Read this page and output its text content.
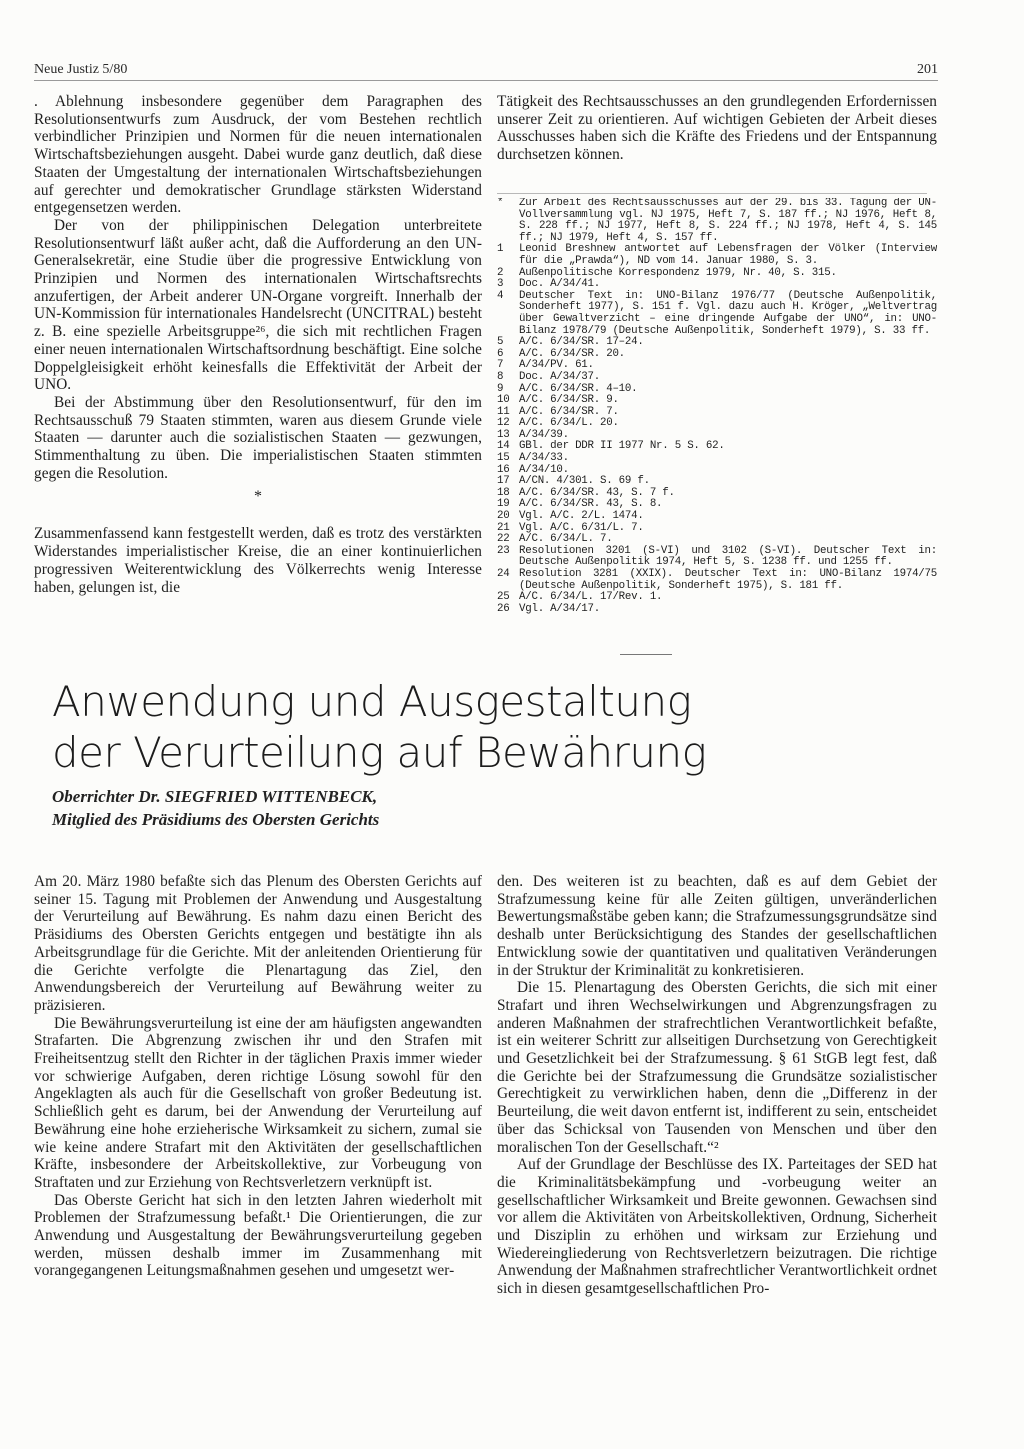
Neue Justiz 5/80	201

. Ablehnung insbesondere gegenüber dem Paragraphen des Resolutionsentwurfs zum Ausdruck, der vom Bestehen rechtlich verbindlicher Prinzipien und Normen für die neuen internationalen Wirtschaftsbeziehungen ausgeht. Dabei wurde ganz deutlich, daß diese Staaten der Umgestaltung der internationalen Wirtschaftsbeziehungen auf gerechter und demokratischer Grundlage stärksten Widerstand entgegensetzen werden.

Der von der philippinischen Delegation unterbreitete Resolutionsentwurf läßt außer acht, daß die Aufforderung an den UN-Generalsekretär, eine Studie über die progressive Entwicklung von Prinzipien und Normen des internationalen Wirtschaftsrechts anzufertigen, der Arbeit anderer UN-Organe vorgreift. Innerhalb der UN-Kommission für internationales Handelsrecht (UNCITRAL) besteht z. B. eine spezielle Arbeitsgruppe²⁶, die sich mit rechtlichen Fragen einer neuen internationalen Wirtschaftsordnung beschäftigt. Eine solche Doppelgleisigkeit erhöht keinesfalls die Effektivität der Arbeit der UNO.

Bei der Abstimmung über den Resolutionsentwurf, für den im Rechtsausschuß 79 Staaten stimmten, waren aus diesem Grunde viele Staaten — darunter auch die sozialistischen Staaten — gezwungen, Stimmenthaltung zu üben. Die imperialistischen Staaten stimmten gegen die Resolution.

*

Zusammenfassend kann festgestellt werden, daß es trotz des verstärkten Widerstandes imperialistischer Kreise, die an einer kontinuierlichen progressiven Weiterentwicklung des Völkerrechts wenig Interesse haben, gelungen ist, die

Tätigkeit des Rechtsausschusses an den grundlegenden Erfordernissen unserer Zeit zu orientieren. Auf wichtigen Gebieten der Arbeit dieses Ausschusses haben sich die Kräfte des Friedens und der Entspannung durchsetzen können.

*	Zur Arbeit des Rechtsausschusses auf der 29. bis 33. Tagung der UN-Vollversammlung vgl. NJ 1975, Heft 7, S. 187 ff.; NJ 1976, Heft 8, S. 228 ff.; NJ 1977, Heft 8, S. 224 ff.; NJ 1978, Heft 4, S. 145 ff.; NJ 1979, Heft 4, S. 157 ff.
1	Leonid Breshnew antwortet auf Lebensfragen der Völker (Interview für die „Prawda“), ND vom 14. Januar 1980, S. 3.
2	Außenpolitische Korrespondenz 1979, Nr. 40, S. 315.
3	Doc. A/34/41.
4	Deutscher Text in: UNO-Bilanz 1976/77 (Deutsche Außenpolitik, Sonderheft 1977), S. 151 f. Vgl. dazu auch H. Kröger, „Weltvertrag über Gewaltverzicht – eine dringende Aufgabe der UNO“, in: UNO-Bilanz 1978/79 (Deutsche Außenpolitik, Sonderheft 1979), S. 33 ff.
5	A/C. 6/34/SR. 17–24.
6	A/C. 6/34/SR. 20.
7	A/34/PV. 61.
8	Doc. A/34/37.
9	A/C. 6/34/SR. 4–10.
10 A/C. 6/34/SR. 9.
11 A/C. 6/34/SR. 7.
12 A/C. 6/34/L. 20.
13 A/34/39.
14 GBl. der DDR II 1977 Nr. 5 S. 62.
15 A/34/33.
16 A/34/10.
17 A/CN. 4/301. S. 69 f.
18 A/C. 6/34/SR. 43, S. 7 f.
19 A/C. 6/34/SR. 43, S. 8.
20 Vgl. A/C. 2/L. 1474.
21 Vgl. A/C. 6/31/L. 7.
22 A/C. 6/34/L. 7.
23 Resolutionen 3201 (S-VI) und 3102 (S-VI). Deutscher Text in: Deutsche Außenpolitik 1974, Heft 5, S. 1238 ff. und 1255 ff.
24 Resolution 3281 (XXIX). Deutscher Text in: UNO-Bilanz 1974/75 (Deutsche Außenpolitik, Sonderheft 1975), S. 181 ff.
25 A/C. 6/34/L. 17/Rev. 1.
26 Vgl. A/34/17.
Anwendung und Ausgestaltung
der Verurteilung auf Bewährung
Oberrichter Dr. SIEGFRIED WITTENBECK,
Mitglied des Präsidiums des Obersten Gerichts

Am 20. März 1980 befaßte sich das Plenum des Obersten Gerichts auf seiner 15. Tagung mit Problemen der Anwendung und Ausgestaltung der Verurteilung auf Bewährung. Es nahm dazu einen Bericht des Präsidiums des Obersten Gerichts entgegen und bestätigte ihn als Arbeitsgrundlage für die Gerichte. Mit der anleitenden Orientierung für die Gerichte verfolgte die Plenartagung das Ziel, den Anwendungsbereich der Verurteilung auf Bewährung weiter zu präzisieren.

Die Bewährungsverurteilung ist eine der am häufigsten angewandten Strafarten. Die Abgrenzung zwischen ihr und den Strafen mit Freiheitsentzug stellt den Richter in der täglichen Praxis immer wieder vor schwierige Aufgaben, deren richtige Lösung sowohl für den Angeklagten als auch für die Gesellschaft von großer Bedeutung ist. Schließlich geht es darum, bei der Anwendung der Verurteilung auf Bewährung eine hohe erzieherische Wirksamkeit zu sichern, zumal sie wie keine andere Strafart mit den Aktivitäten der gesellschaftlichen Kräfte, insbesondere der Arbeitskollektive, zur Vorbeugung von Straftaten und zur Erziehung von Rechtsverletzern verknüpft ist.

Das Oberste Gericht hat sich in den letzten Jahren wiederholt mit Problemen der Strafzumessung befaßt.¹ Die Orientierungen, die zur Anwendung und Ausgestaltung der Bewährungsverurteilung gegeben werden, müssen deshalb immer im Zusammenhang mit vorangegangenen Leitungsmaßnahmen gesehen und umgesetzt wer-

den. Des weiteren ist zu beachten, daß es auf dem Gebiet der Strafzumessung keine für alle Zeiten gültigen, unveränderlichen Bewertungsmaßstäbe geben kann; die Strafzumessungsgrundsätze sind deshalb unter Berücksichtigung des Standes der gesellschaftlichen Entwicklung sowie der quantitativen und qualitativen Veränderungen in der Struktur der Kriminalität zu konkretisieren.

Die 15. Plenartagung des Obersten Gerichts, die sich mit einer Strafart und ihren Wechselwirkungen und Abgrenzungsfragen zu anderen Maßnahmen der strafrechtlichen Verantwortlichkeit befaßte, ist ein weiterer Schritt zur allseitigen Durchsetzung von Gerechtigkeit und Gesetzlichkeit bei der Strafzumessung. § 61 StGB legt fest, daß die Gerichte bei der Strafzumessung die Grundsätze sozialistischer Gerechtigkeit zu verwirklichen haben, denn die „Differenz in der Beurteilung, die weit davon entfernt ist, indifferent zu sein, entscheidet über das Schicksal von Tausenden von Menschen und über den moralischen Ton der Gesellschaft.“²

Auf der Grundlage der Beschlüsse des IX. Parteitages der SED hat die Kriminalitätsbekämpfung und -vorbeugung weiter an gesellschaftlicher Wirksamkeit und Breite gewonnen. Gewachsen sind vor allem die Aktivitäten von Arbeitskollektiven, Ordnung, Sicherheit und Disziplin zu erhöhen und wirksam zur Erziehung und Wiedereingliederung von Rechtsverletzern beizutragen. Die richtige Anwendung der Maßnahmen strafrechtlicher Verantwortlichkeit ordnet sich in diesen gesamtgesellschaftlichen Pro-
